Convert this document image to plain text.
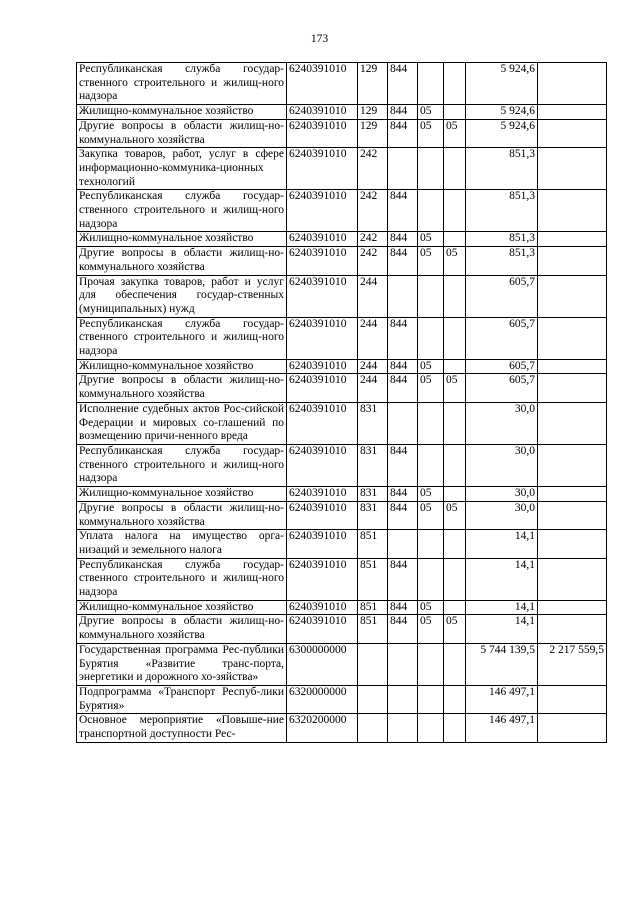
173
Республиканская служба государ-ственного строительного и жилищ-ного надзора	6240391010	129	844			5 924,6	
Жилищно-коммунальное хозяйство	6240391010	129	844	05		5 924,6	
Другие вопросы в области жилищ-но-коммунального хозяйства	6240391010	129	844	05	05	5 924,6	
Закупка товаров, работ, услуг в сфере информационно-коммуника-ционных технологий	6240391010	242				851,3	
Республиканская служба государ-ственного строительного и жилищ-ного надзора	6240391010	242	844			851,3	
Жилищно-коммунальное хозяйство	6240391010	242	844	05		851,3	
Другие вопросы в области жилищ-но-коммунального хозяйства	6240391010	242	844	05	05	851,3	
Прочая закупка товаров, работ и услуг для обеспечения государ-ственных (муниципальных) нужд	6240391010	244				605,7	
Республиканская служба государ-ственного строительного и жилищ-ного надзора	6240391010	244	844			605,7	
Жилищно-коммунальное хозяйство	6240391010	244	844	05		605,7	
Другие вопросы в области жилищ-но-коммунального хозяйства	6240391010	244	844	05	05	605,7	
Исполнение судебных актов Рос-сийской Федерации и мировых со-глашений по возмещению причи-ненного вреда	6240391010	831				30,0	
Республиканская служба государ-ственного строительного и жилищ-ного надзора	6240391010	831	844			30,0	
Жилищно-коммунальное хозяйство	6240391010	831	844	05		30,0	
Другие вопросы в области жилищ-но-коммунального хозяйства	6240391010	831	844	05	05	30,0	
Уплата налога на имущество орга-низаций и земельного налога	6240391010	851				14,1	
Республиканская служба государ-ственного строительного и жилищ-ного надзора	6240391010	851	844			14,1	
Жилищно-коммунальное хозяйство	6240391010	851	844	05		14,1	
Другие вопросы в области жилищ-но-коммунального хозяйства	6240391010	851	844	05	05	14,1	
Государственная программа Рес-публики Бурятия «Развитие транс-порта, энергетики и дорожного хо-зяйства»	6300000000					5 744 139,5	2 217 559,5
Подпрограмма «Транспорт Респуб-лики Бурятия»	6320000000					146 497,1	
Основное мероприятие «Повыше-ние транспортной доступности Рес-	6320200000					146 497,1	
